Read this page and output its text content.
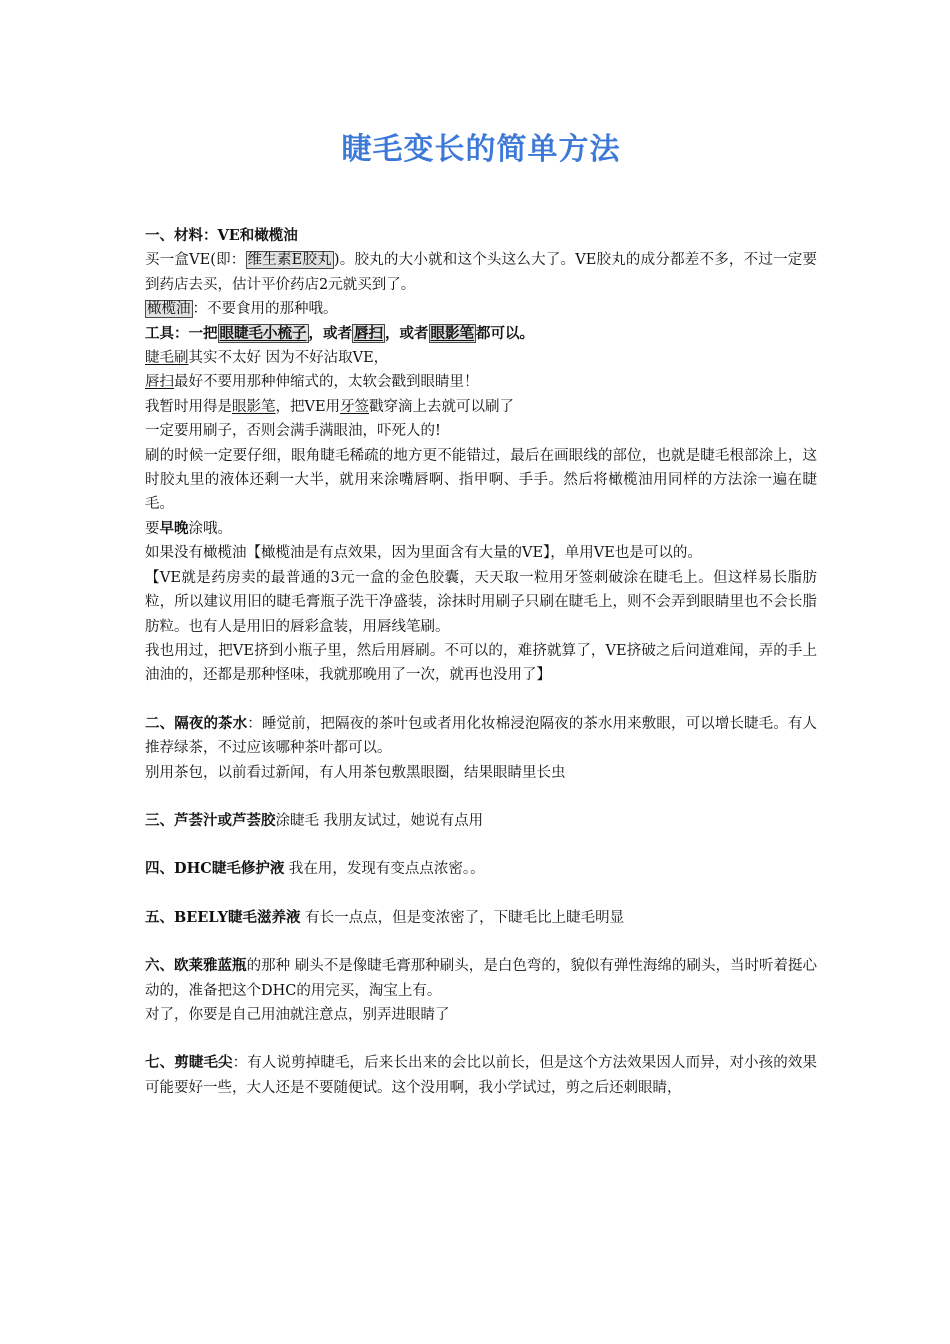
睫毛变长的简单方法

一、材料：VE和橄榄油

买一盒VE(即： 维生素E胶丸 )。胶丸的大小就和这个头这么大了。VE胶丸的成分都差不多，不过一定要到药店去买，估计平价药店2元就买到了。

橄榄油 ：不要食用的那种哦。

工具：一把 眼睫毛小梳子 ，或者 唇扫 ，或者 眼影笔 都可以。

睫毛刷其实不太好 因为不好沾取VE，

唇扫最好不要用那种伸缩式的，太软会戳到眼睛里！

我暂时用得是眼影笔，把VE用牙签戳穿滴上去就可以刷了

一定要用刷子，否则会满手满眼油，吓死人的!

刷的时候一定要仔细，眼角睫毛稀疏的地方更不能错过，最后在画眼线的部位，也就是睫毛根部涂上，这时胶丸里的液体还剩一大半，就用来涂嘴唇啊、指甲啊、手手。然后将橄榄油用同样的方法涂一遍在睫毛。

要早晚涂哦。

如果没有橄榄油【橄榄油是有点效果，因为里面含有大量的VE】，单用VE也是可以的。

【VE就是药房卖的最普通的3元一盒的金色胶囊，天天取一粒用牙签刺破涂在睫毛上。但这样易长脂肪粒，所以建议用旧的睫毛膏瓶子洗干净盛装，涂抹时用刷子只刷在睫毛上，则不会弄到眼睛里也不会长脂肪粒。也有人是用旧的唇彩盒装，用唇线笔刷。

我也用过，把VE挤到小瓶子里，然后用唇刷。不可以的，难挤就算了，VE挤破之后问道难闻，弄的手上油油的，还都是那种怪味，我就那晚用了一次，就再也没用了】

二、隔夜的茶水：睡觉前，把隔夜的茶叶包或者用化妆棉浸泡隔夜的茶水用来敷眼，可以增长睫毛。有人推荐绿茶，不过应该哪种茶叶都可以。

别用茶包，以前看过新闻，有人用茶包敷黑眼圈，结果眼睛里长虫

三、芦荟汁或芦荟胶涂睫毛 我朋友试过，她说有点用

四、DHC睫毛修护液 我在用，发现有变点点浓密。。

五、BEELY睫毛滋养液 有长一点点，但是变浓密了，下睫毛比上睫毛明显

六、欧莱雅蓝瓶的那种 刷头不是像睫毛膏那种刷头，是白色弯的，貌似有弹性海绵的刷头，当时听着挺心动的，准备把这个DHC的用完买，淘宝上有。

对了，你要是自己用油就注意点，别弄进眼睛了

七、剪睫毛尖：有人说剪掉睫毛，后来长出来的会比以前长，但是这个方法效果因人而异，对小孩的效果可能要好一些，大人还是不要随便试。这个没用啊，我小学试过，剪之后还刺眼睛，
